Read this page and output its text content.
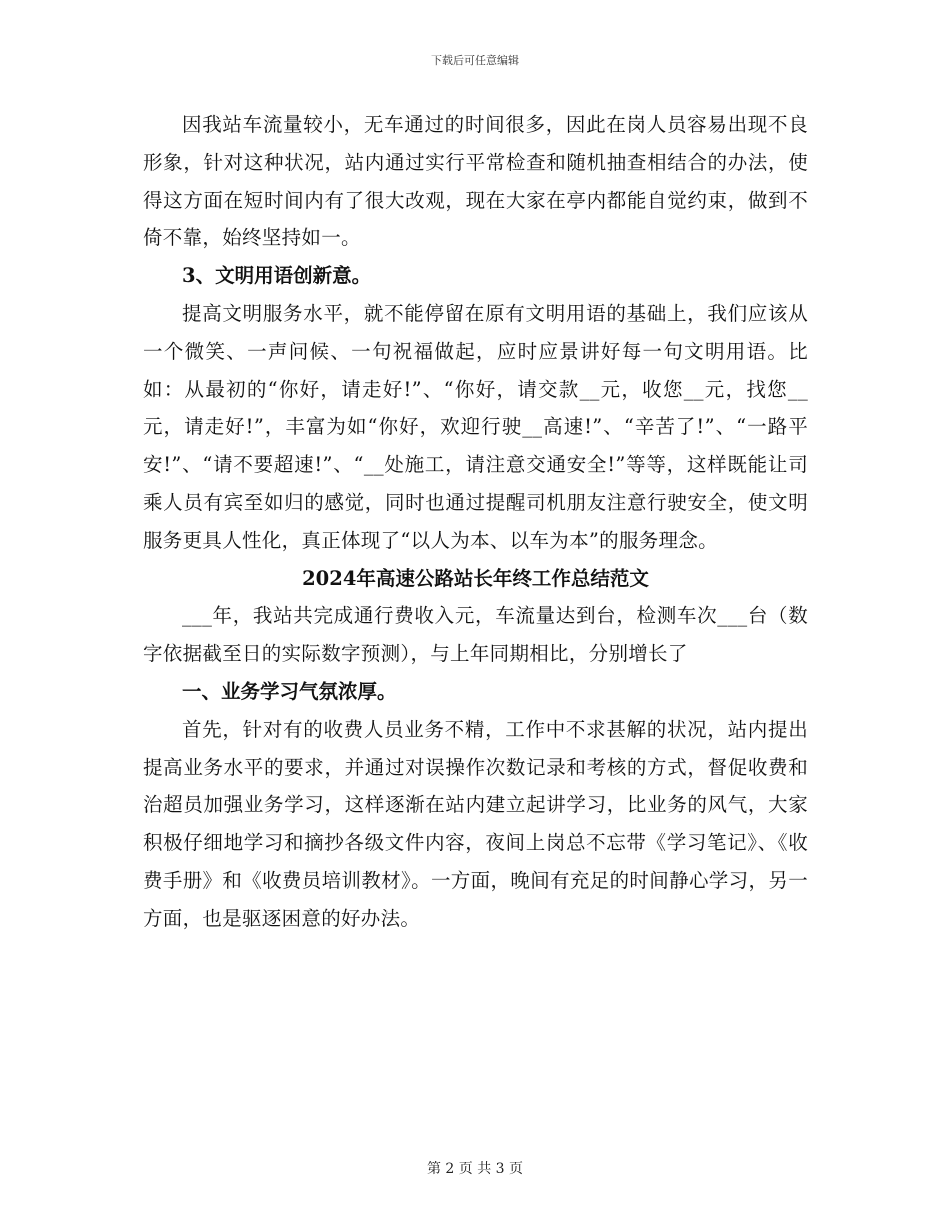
下载后可任意编辑

因我站车流量较小，无车通过的时间很多，因此在岗人员容易出现不良形象，针对这种状况，站内通过实行平常检查和随机抽查相结合的办法，使得这方面在短时间内有了很大改观，现在大家在亭内都能自觉约束，做到不倚不靠，始终坚持如一。

3、文明用语创新意。

提高文明服务水平，就不能停留在原有文明用语的基础上，我们应该从一个微笑、一声问候、一句祝福做起，应时应景讲好每一句文明用语。比如：从最初的“你好，请走好!”、“你好，请交款__元，收您__元，找您__元，请走好!”，丰富为如“你好，欢迎行驶__高速!”、“辛苦了!”、“一路平安!”、“请不要超速!”、“__处施工，请注意交通安全!”等等，这样既能让司乘人员有宾至如归的感觉，同时也通过提醒司机朋友注意行驶安全，使文明服务更具人性化，真正体现了“以人为本、以车为本”的服务理念。

2024年高速公路站长年终工作总结范文

___年，我站共完成通行费收入元，车流量达到台，检测车次___台（数字依据截至日的实际数字预测），与上年同期相比，分别增长了

一、业务学习气氛浓厚。

首先，针对有的收费人员业务不精，工作中不求甚解的状况，站内提出提高业务水平的要求，并通过对误操作次数记录和考核的方式，督促收费和治超员加强业务学习，这样逐渐在站内建立起讲学习，比业务的风气，大家积极仔细地学习和摘抄各级文件内容，夜间上岗总不忘带《学习笔记》、《收费手册》和《收费员培训教材》。一方面，晚间有充足的时间静心学习，另一方面，也是驱逐困意的好办法。

第 2 页 共 3 页
